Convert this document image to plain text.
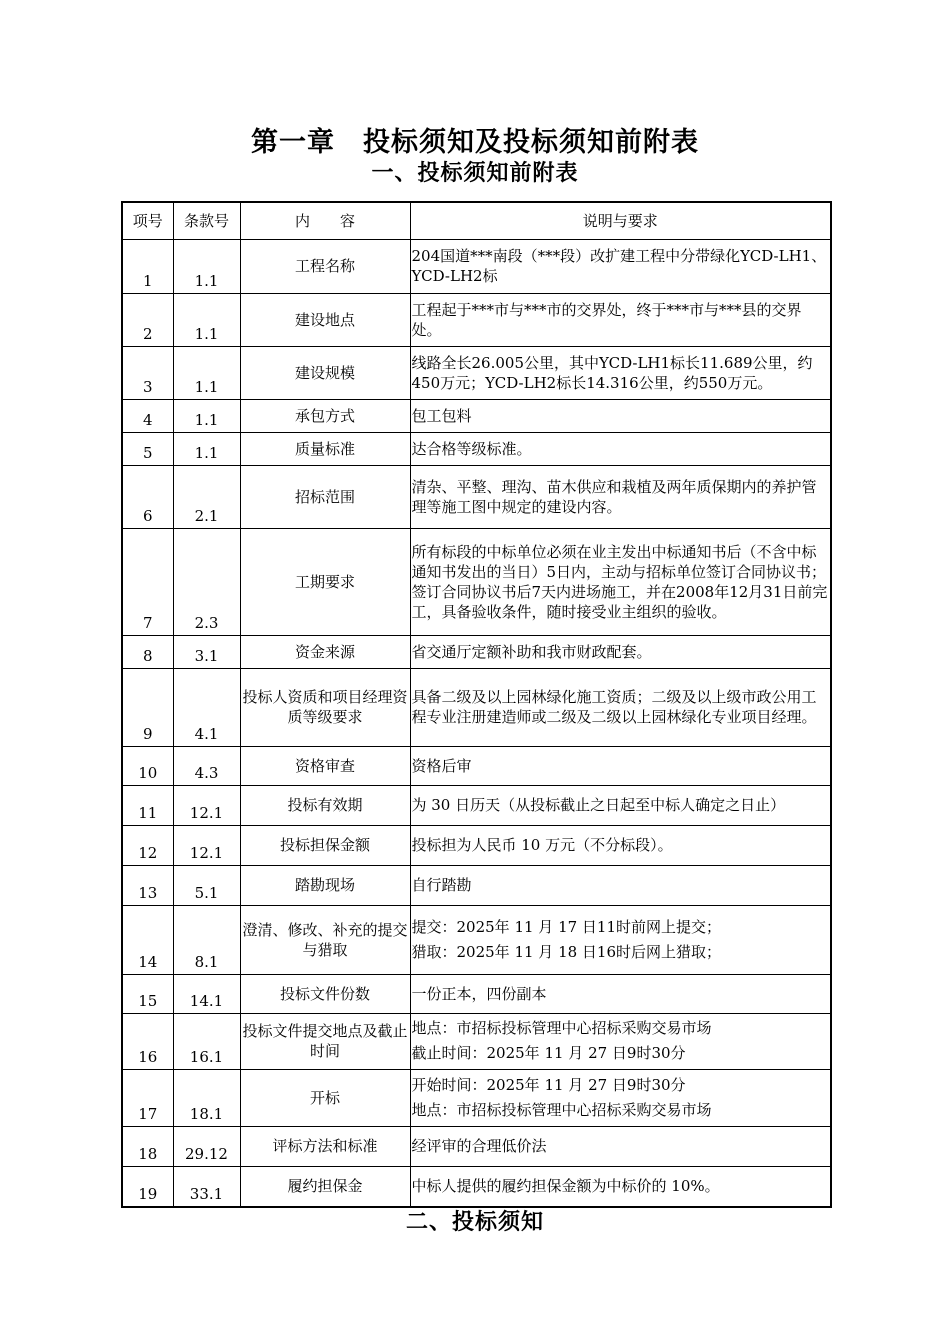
第一章　投标须知及投标须知前附表
一、投标须知前附表
项号	条款号	内　　容	说明与要求
1	1.1	工程名称	204国道***南段（***段）改扩建工程中分带绿化YCD-LH1、YCD-LH2标

2	1.1	建设地点	工程起于***市与***市的交界处，终于***市与***县的交界处。

3	1.1	建设规模	线路全长26.005公里，其中YCD-LH1标长11.689公里，约450万元；YCD-LH2标长14.316公里，约550万元。

4	1.1	承包方式	包工包料

5	1.1	质量标准	达合格等级标准。

6	2.1	招标范围	清杂、平整、理沟、苗木供应和栽植及两年质保期内的养护管理等施工图中规定的建设内容。

7	2.3	工期要求	所有标段的中标单位必须在业主发出中标通知书后（不含中标通知书发出的当日）5日内，主动与招标单位签订合同协议书；签订合同协议书后7天内进场施工，并在2008年12月31日前完工，具备验收条件，随时接受业主组织的验收。

8	3.1	资金来源	省交通厅定额补助和我市财政配套。

9	4.1	投标人资质和项目经理资质等级要求	具备二级及以上园林绿化施工资质；二级及以上级市政公用工程专业注册建造师或二级及二级以上园林绿化专业项目经理。

10	4.3	资格审查	资格后审

11	12.1	投标有效期	为 30 日历天（从投标截止之日起至中标人确定之日止）

12	12.1	投标担保金额	投标担为人民币 10 万元（不分标段）。

13	5.1	踏勘现场	自行踏勘

14	8.1	澄清、修改、补充的提交与猎取	提交：2025年 11 月 17 日11时前网上提交；
猎取：2025年 11 月 18 日16时后网上猎取；

15	14.1	投标文件份数	一份正本，四份副本

16	16.1	投标文件提交地点及截止时间	地点：市招标投标管理中心招标采购交易市场
截止时间：2025年 11 月 27 日9时30分

17	18.1	开标	开始时间：2025年 11 月 27 日9时30分
地点：市招标投标管理中心招标采购交易市场

18	29.12	评标方法和标准	经评审的合理低价法

19	33.1	履约担保金	中标人提供的履约担保金额为中标价的 10%。
二、投标须知
